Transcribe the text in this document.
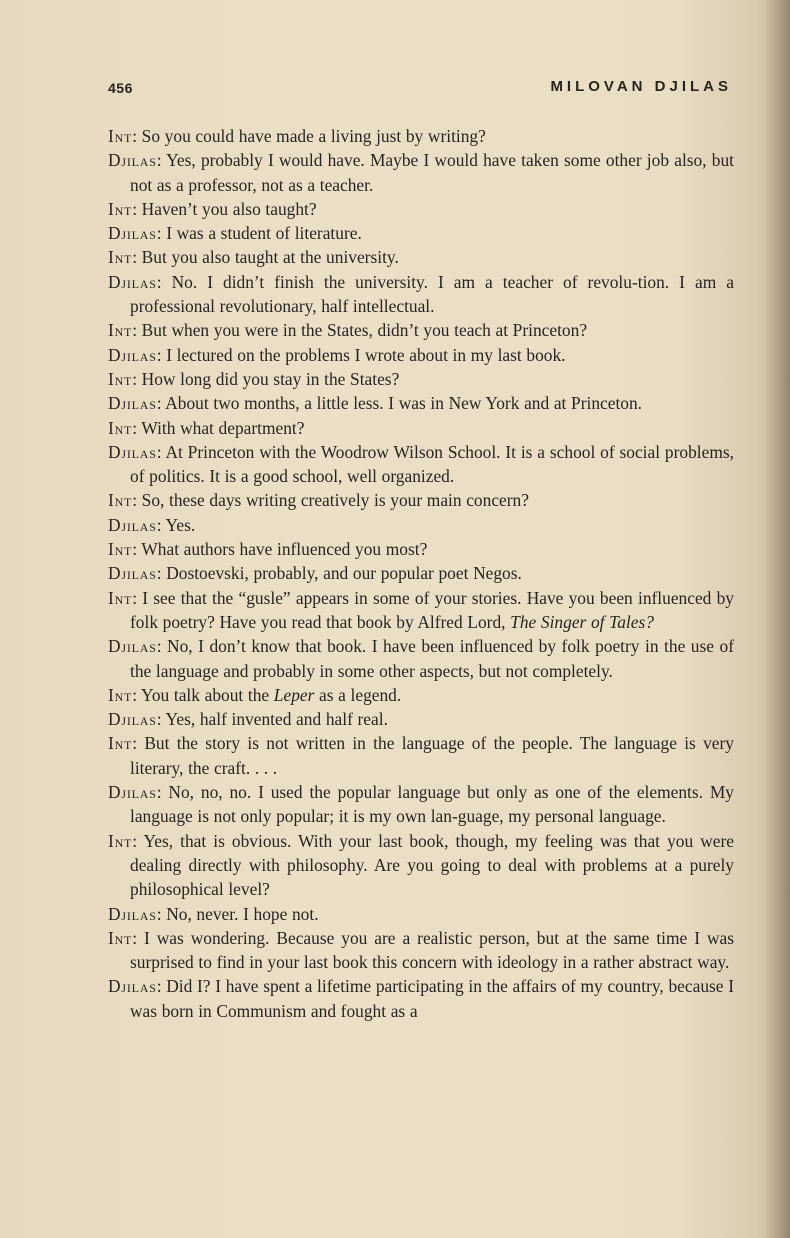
456	MILOVAN DJILAS

Int: So you could have made a living just by writing?

Djilas: Yes, probably I would have. Maybe I would have taken some other job also, but not as a professor, not as a teacher.

Int: Haven’t you also taught?

Djilas: I was a student of literature.

Int: But you also taught at the university.

Djilas: No. I didn’t finish the university. I am a teacher of revolu-tion. I am a professional revolutionary, half intellectual.

Int: But when you were in the States, didn’t you teach at Princeton?

Djilas: I lectured on the problems I wrote about in my last book.

Int: How long did you stay in the States?

Djilas: About two months, a little less. I was in New York and at Princeton.

Int: With what department?

Djilas: At Princeton with the Woodrow Wilson School. It is a school of social problems, of politics. It is a good school, well organized.

Int: So, these days writing creatively is your main concern?

Djilas: Yes.

Int: What authors have influenced you most?

Djilas: Dostoevski, probably, and our popular poet Negos.

Int: I see that the “gusle” appears in some of your stories. Have you been influenced by folk poetry? Have you read that book by Alfred Lord, The Singer of Tales?

Djilas: No, I don’t know that book. I have been influenced by folk poetry in the use of the language and probably in some other aspects, but not completely.

Int: You talk about the Leper as a legend.

Djilas: Yes, half invented and half real.

Int: But the story is not written in the language of the people. The language is very literary, the craft. . . .

Djilas: No, no, no. I used the popular language but only as one of the elements. My language is not only popular; it is my own lan-guage, my personal language.

Int: Yes, that is obvious. With your last book, though, my feeling was that you were dealing directly with philosophy. Are you going to deal with problems at a purely philosophical level?

Djilas: No, never. I hope not.

Int: I was wondering. Because you are a realistic person, but at the same time I was surprised to find in your last book this concern with ideology in a rather abstract way.

Djilas: Did I? I have spent a lifetime participating in the affairs of my country, because I was born in Communism and fought as a
